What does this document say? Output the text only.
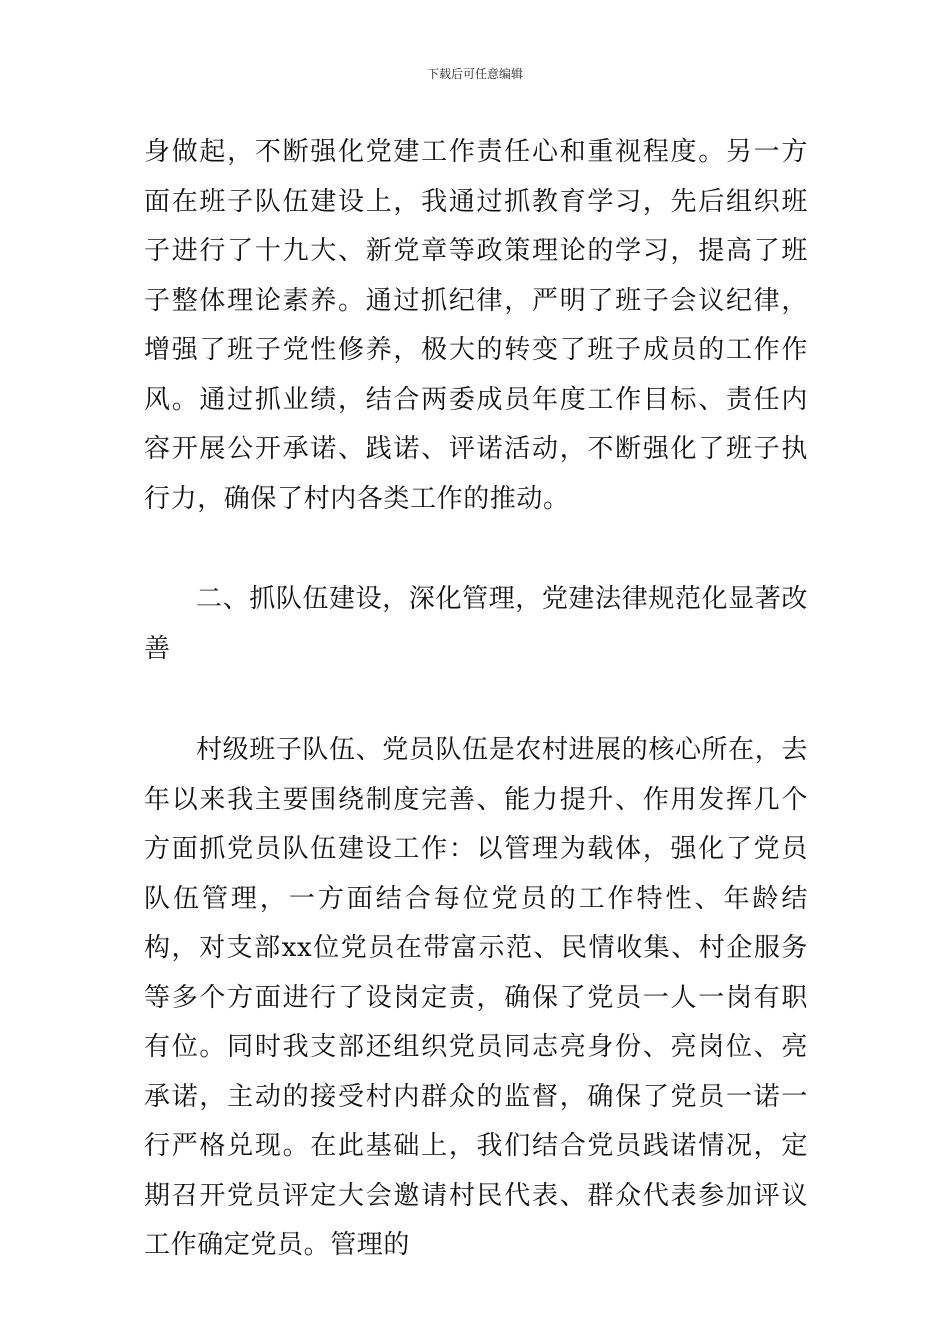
下载后可任意编辑

身做起，不断强化党建工作责任心和重视程度。另一方面在班子队伍建设上，我通过抓教育学习，先后组织班子进行了十九大、新党章等政策理论的学习，提高了班子整体理论素养。通过抓纪律，严明了班子会议纪律，增强了班子党性修养，极大的转变了班子成员的工作作风。通过抓业绩，结合两委成员年度工作目标、责任内容开展公开承诺、践诺、评诺活动，不断强化了班子执行力，确保了村内各类工作的推动。

二、抓队伍建设，深化管理，党建法律规范化显著改善

村级班子队伍、党员队伍是农村进展的核心所在，去年以来我主要围绕制度完善、能力提升、作用发挥几个方面抓党员队伍建设工作：以管理为载体，强化了党员队伍管理，一方面结合每位党员的工作特性、年龄结构，对支部xx位党员在带富示范、民情收集、村企服务等多个方面进行了设岗定责，确保了党员一人一岗有职有位。同时我支部还组织党员同志亮身份、亮岗位、亮承诺，主动的接受村内群众的监督，确保了党员一诺一行严格兑现。在此基础上，我们结合党员践诺情况，定期召开党员评定大会邀请村民代表、群众代表参加评议工作确定党员。管理的
